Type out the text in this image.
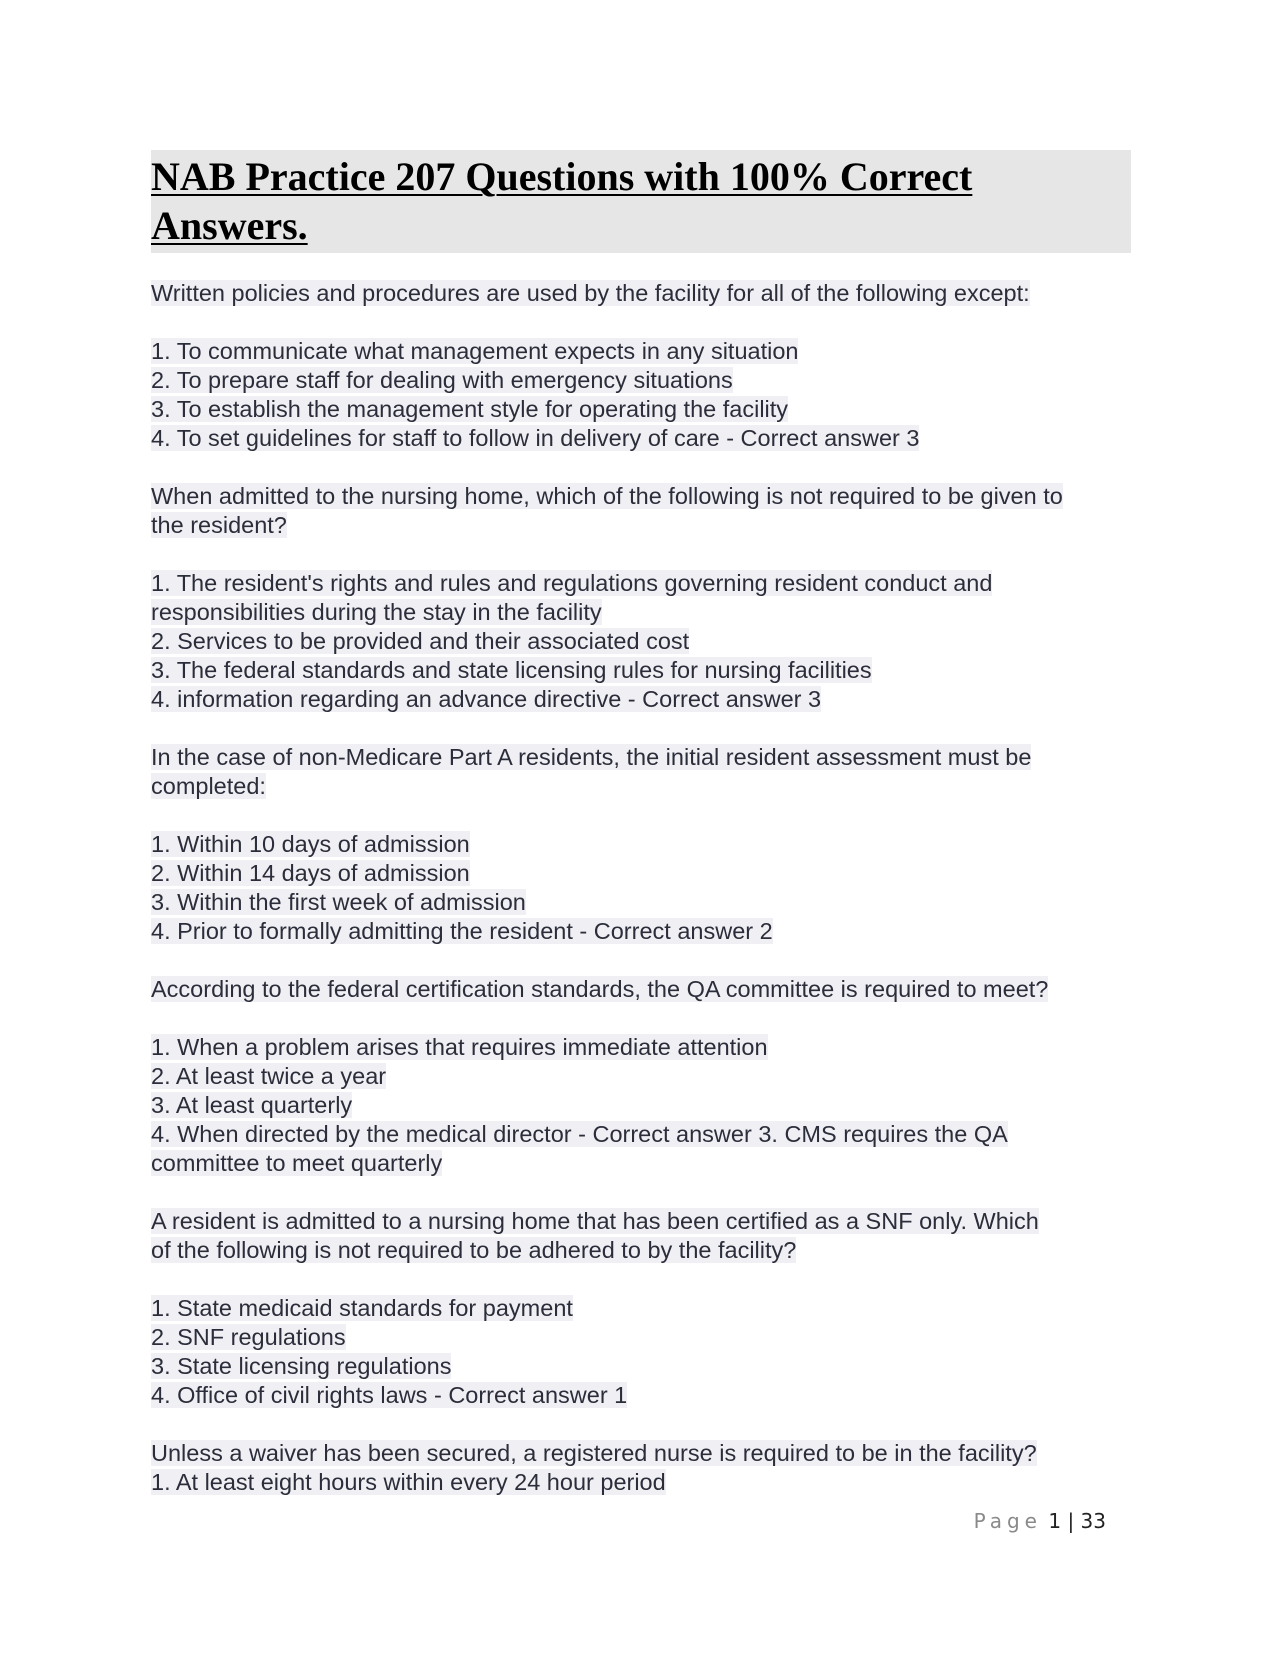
NAB Practice 207 Questions with 100% Correct
Answers.
Written policies and procedures are used by the facility for all of the following except:
1. To communicate what management expects in any situation
2. To prepare staff for dealing with emergency situations
3. To establish the management style for operating the facility
4. To set guidelines for staff to follow in delivery of care - Correct answer 3
When admitted to the nursing home, which of the following is not required to be given to
the resident?
1. The resident's rights and rules and regulations governing resident conduct and
responsibilities during the stay in the facility
2. Services to be provided and their associated cost
3. The federal standards and state licensing rules for nursing facilities
4. information regarding an advance directive - Correct answer 3
In the case of non-Medicare Part A residents, the initial resident assessment must be
completed:
1. Within 10 days of admission
2. Within 14 days of admission
3. Within the first week of admission
4. Prior to formally admitting the resident - Correct answer 2
According to the federal certification standards, the QA committee is required to meet?
1. When a problem arises that requires immediate attention
2. At least twice a year
3. At least quarterly
4. When directed by the medical director - Correct answer 3. CMS requires the QA
committee to meet quarterly
A resident is admitted to a nursing home that has been certified as a SNF only. Which
of the following is not required to be adhered to by the facility?
1. State medicaid standards for payment
2. SNF regulations
3. State licensing regulations
4. Office of civil rights laws - Correct answer 1
Unless a waiver has been secured, a registered nurse is required to be in the facility?
1. At least eight hours within every 24 hour period
Page 1 | 33
